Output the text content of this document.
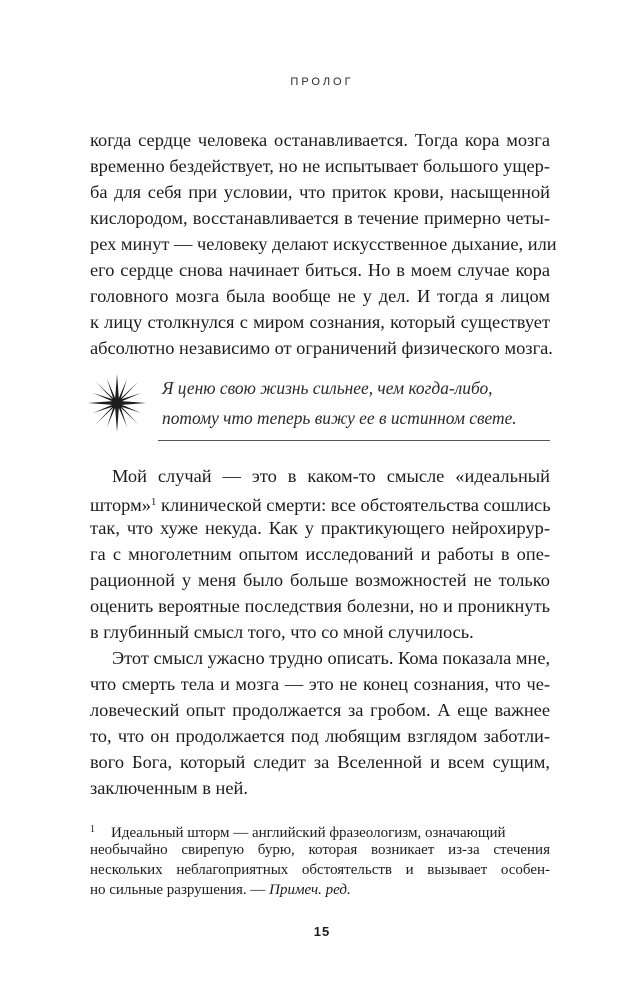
ПРОЛОГ
когда сердце человека останавливается. Тогда кора мозга
временно бездействует, но не испытывает большого ущер-
ба для себя при условии, что приток крови, насыщенной
кислородом, восстанавливается в течение примерно четы-
рех минут — человеку делают искусственное дыхание, или
его сердце снова начинает биться. Но в моем случае кора
головного мозга была вообще не у дел. И тогда я лицом
к лицу столкнулся с миром сознания, который существует
абсолютно независимо от ограничений физического мозга.
Я ценю свою жизнь сильнее, чем когда-либо,
потому что теперь вижу ее в истинном свете.
Мой случай — это в каком-то смысле «идеальный
шторм»$^1$ клинической смерти: все обстоятельства сошлись
так, что хуже некуда. Как у практикующего нейрохирур-
га с многолетним опытом исследований и работы в опе-
рационной у меня было больше возможностей не только
оценить вероятные последствия болезни, но и проникнуть
в глубинный смысл того, что со мной случилось.
Этот смысл ужасно трудно описать. Кома показала мне,
что смерть тела и мозга — это не конец сознания, что че-
ловеческий опыт продолжается за гробом. А еще важнее
то, что он продолжается под любящим взглядом заботли-
вого Бога, который следит за Вселенной и всем сущим,
заключенным в ней.
$^1$ Идеальный шторм — английский фразеологизм, означающий
необычайно свирепую бурю, которая возникает из-за стечения
нескольких неблагоприятных обстоятельств и вызывает особен-
но сильные разрушения. — Примеч. ред.
15
